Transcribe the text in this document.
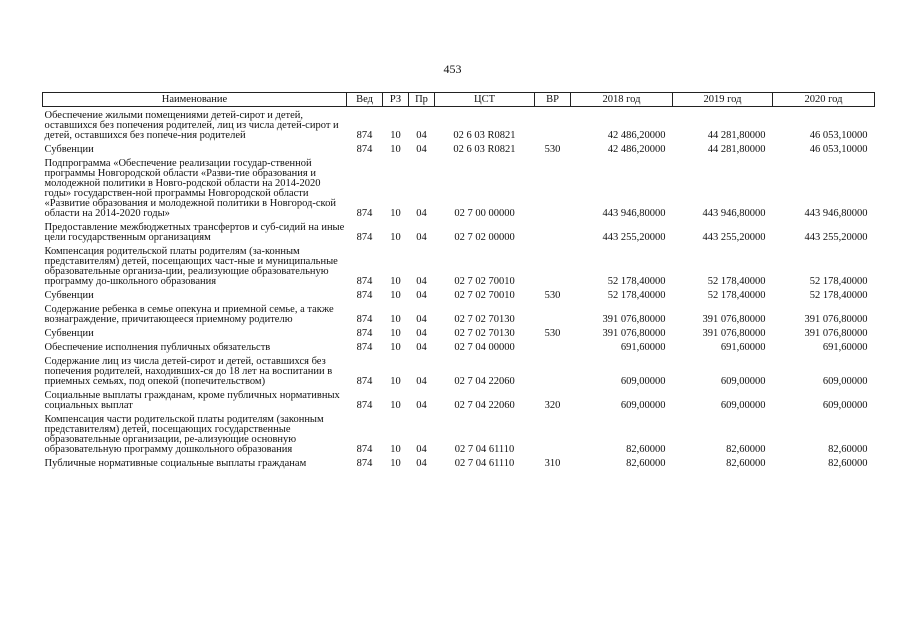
453
Наименование	Вед	РЗ	Пр	ЦСТ	ВР	2018 год	2019 год	2020 год
Обеспечение жилыми помещениями детей-сирот и детей, оставшихся без попечения родителей, лиц из числа детей-сирот и детей, оставшихся без попече-ния родителей	874	10	04	02 6 03 R0821		42 486,20000	44 281,80000	46 053,10000
Субвенции	874	10	04	02 6 03 R0821	530	42 486,20000	44 281,80000	46 053,10000
Подпрограмма «Обеспечение реализации государ-ственной программы Новгородской области «Разви-тие образования и молодежной политики в Новго-родской области на 2014-2020 годы» государствен-ной программы Новгородской области «Развитие образования и молодежной политики в Новгород-ской области на 2014-2020 годы»	874	10	04	02 7 00 00000		443 946,80000	443 946,80000	443 946,80000
Предоставление межбюджетных трансфертов и суб-сидий на иные цели государственным организациям	874	10	04	02 7 02 00000		443 255,20000	443 255,20000	443 255,20000
Компенсация родительской платы родителям (за-конным представителям) детей, посещающих част-ные и муниципальные образовательные организа-ции, реализующие образовательную программу до-школьного образования	874	10	04	02 7 02 70010		52 178,40000	52 178,40000	52 178,40000
Субвенции	874	10	04	02 7 02 70010	530	52 178,40000	52 178,40000	52 178,40000
Содержание ребенка в семье опекуна и приемной семье, а также вознаграждение, причитающееся приемному родителю	874	10	04	02 7 02 70130		391 076,80000	391 076,80000	391 076,80000
Субвенции	874	10	04	02 7 02 70130	530	391 076,80000	391 076,80000	391 076,80000
Обеспечение исполнения публичных обязательств	874	10	04	02 7 04 00000		691,60000	691,60000	691,60000
Содержание лиц из числа детей-сирот и детей, оставшихся без попечения родителей, находивших-ся до 18 лет на воспитании в приемных семьях, под опекой (попечительством)	874	10	04	02 7 04 22060		609,00000	609,00000	609,00000
Социальные выплаты гражданам, кроме публичных нормативных социальных выплат	874	10	04	02 7 04 22060	320	609,00000	609,00000	609,00000
Компенсация части родительской платы родителям (законным представителям) детей, посещающих государственные образовательные организации, ре-ализующие основную образовательную программу дошкольного образования	874	10	04	02 7 04 61110		82,60000	82,60000	82,60000
Публичные нормативные социальные выплаты гражданам	874	10	04	02 7 04 61110	310	82,60000	82,60000	82,60000
